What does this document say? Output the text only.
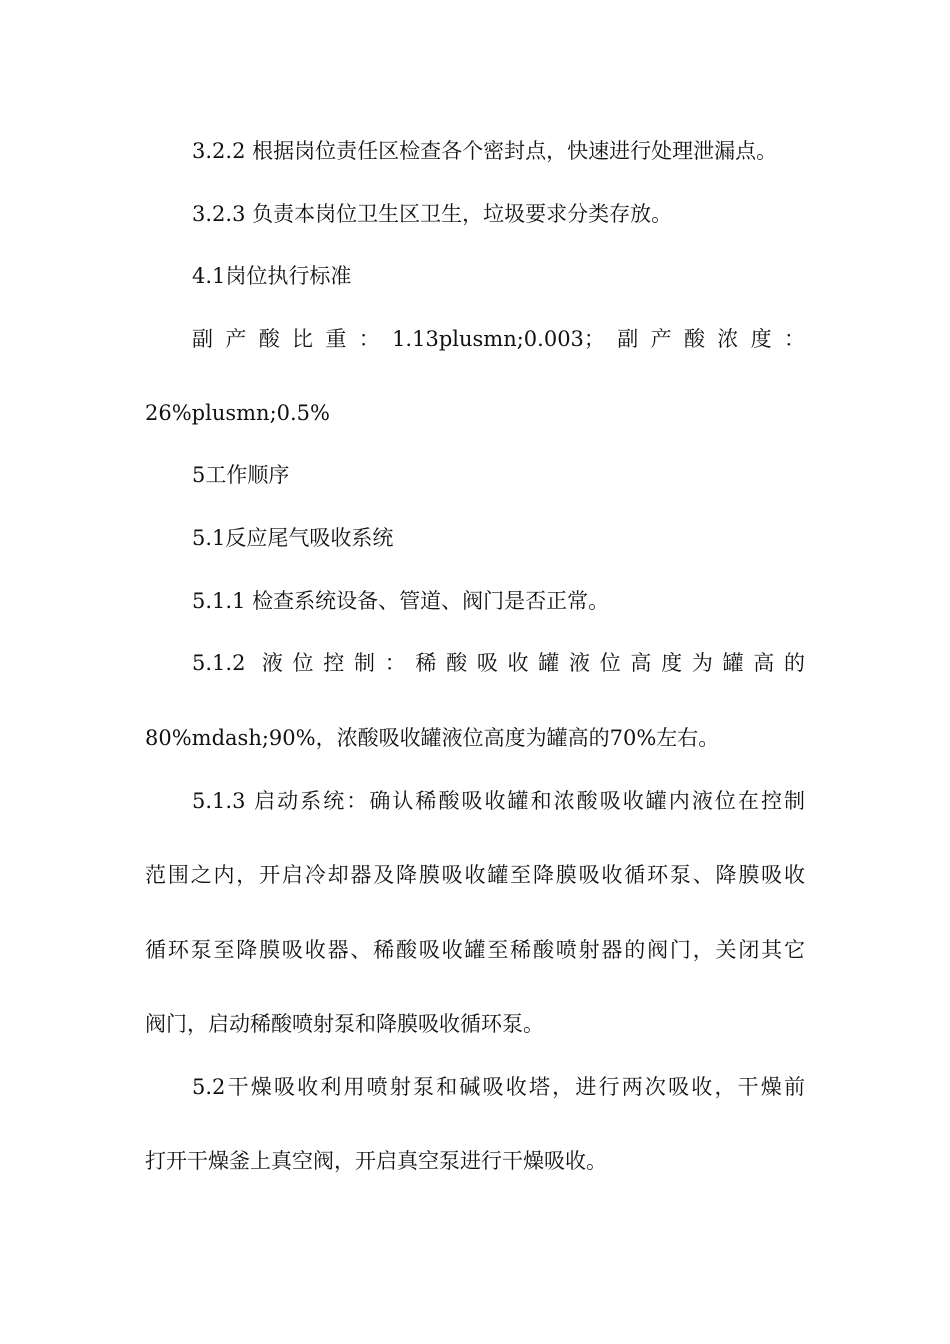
3.2.2 根据岗位责任区检查各个密封点，快速进行处理泄漏点。
3.2.3 负责本岗位卫生区卫生，垃圾要求分类存放。
4.1岗位执行标准
副产酸比重：1.13plusmn;0.003；副产酸浓度：
26%plusmn;0.5%
5工作顺序
5.1反应尾气吸收系统
5.1.1 检查系统设备、管道、阀门是否正常。
5.1.2 液位控制：稀酸吸收罐液位高度为罐高的
80%mdash;90%，浓酸吸收罐液位高度为罐高的70%左右。
5.1.3 启动系统：确认稀酸吸收罐和浓酸吸收罐内液位在控制
范围之内，开启冷却器及降膜吸收罐至降膜吸收循环泵、降膜吸收
循环泵至降膜吸收器、稀酸吸收罐至稀酸喷射器的阀门，关闭其它
阀门，启动稀酸喷射泵和降膜吸收循环泵。
5.2干燥吸收利用喷射泵和碱吸收塔，进行两次吸收，干燥前
打开干燥釜上真空阀，开启真空泵进行干燥吸收。
